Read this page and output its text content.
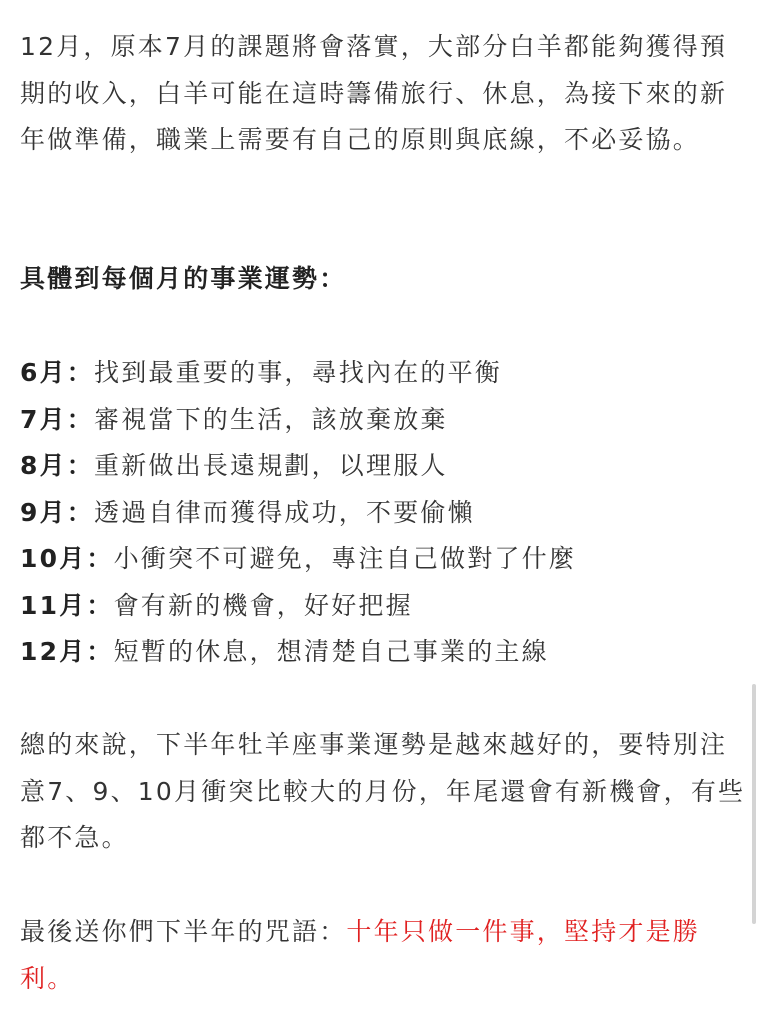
12月，原本7月的課題將會落實，大部分白羊都能夠獲得預期的收入，白羊可能在這時籌備旅行、休息，為接下來的新年做準備，職業上需要有自己的原則與底線，不必妥協。

具體到每個月的事業運勢：

6月：找到最重要的事，尋找內在的平衡
7月：審視當下的生活，該放棄放棄
8月：重新做出長遠規劃，以理服人
9月：透過自律而獲得成功，不要偷懶
10月：小衝突不可避免，專注自己做對了什麼
11月：會有新的機會，好好把握
12月：短暫的休息，想清楚自己事業的主線

總的來說，下半年牡羊座事業運勢是越來越好的，要特別注意7、9、10月衝突比較大的月份，年尾還會有新機會，有些都不急。

最後送你們下半年的咒語：十年只做一件事，堅持才是勝利。
